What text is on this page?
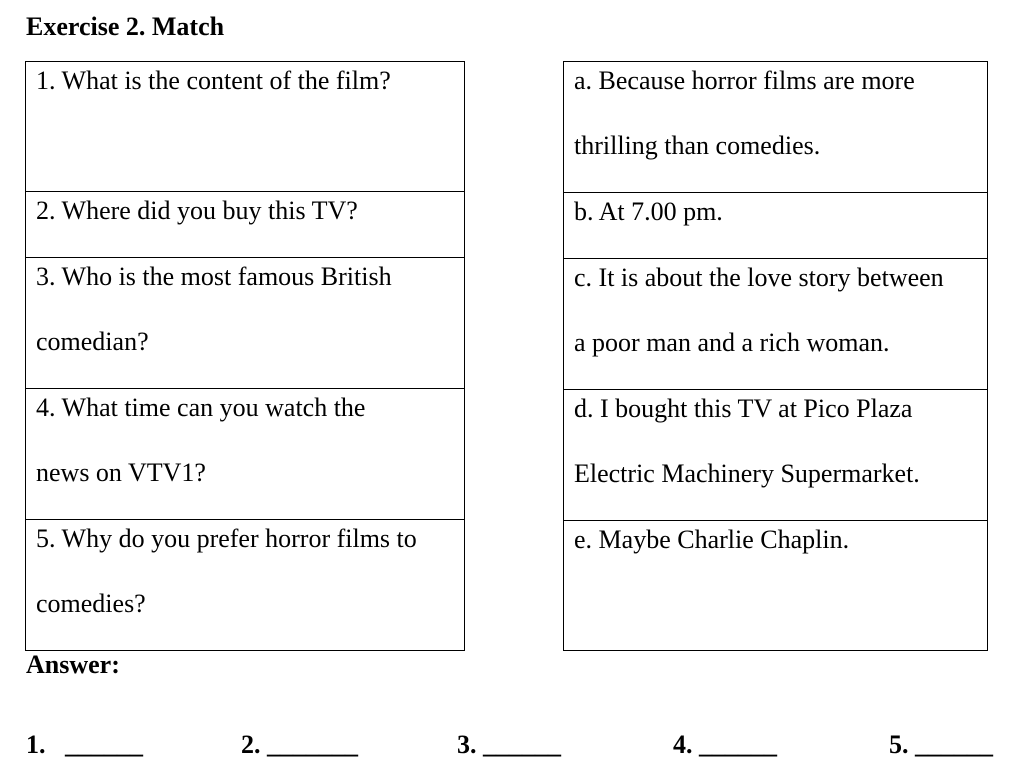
Exercise 2. Match
1. What is the content of the film?

2. Where did you buy this TV?

3. Who is the most famous British
comedian?

4. What time can you watch the
news on VTV1?

5. Why do you prefer horror films to
comedies?
a. Because horror films are more
thrilling than comedies.

b. At 7.00 pm.

c. It is about the love story between
a poor man and a rich woman.

d. I bought this TV at Pico Plaza
Electric Machinery Supermarket.

e. Maybe Charlie Chaplin.
Answer:
1.   ______	2. _______	3. ______	4. ______	5. ______
